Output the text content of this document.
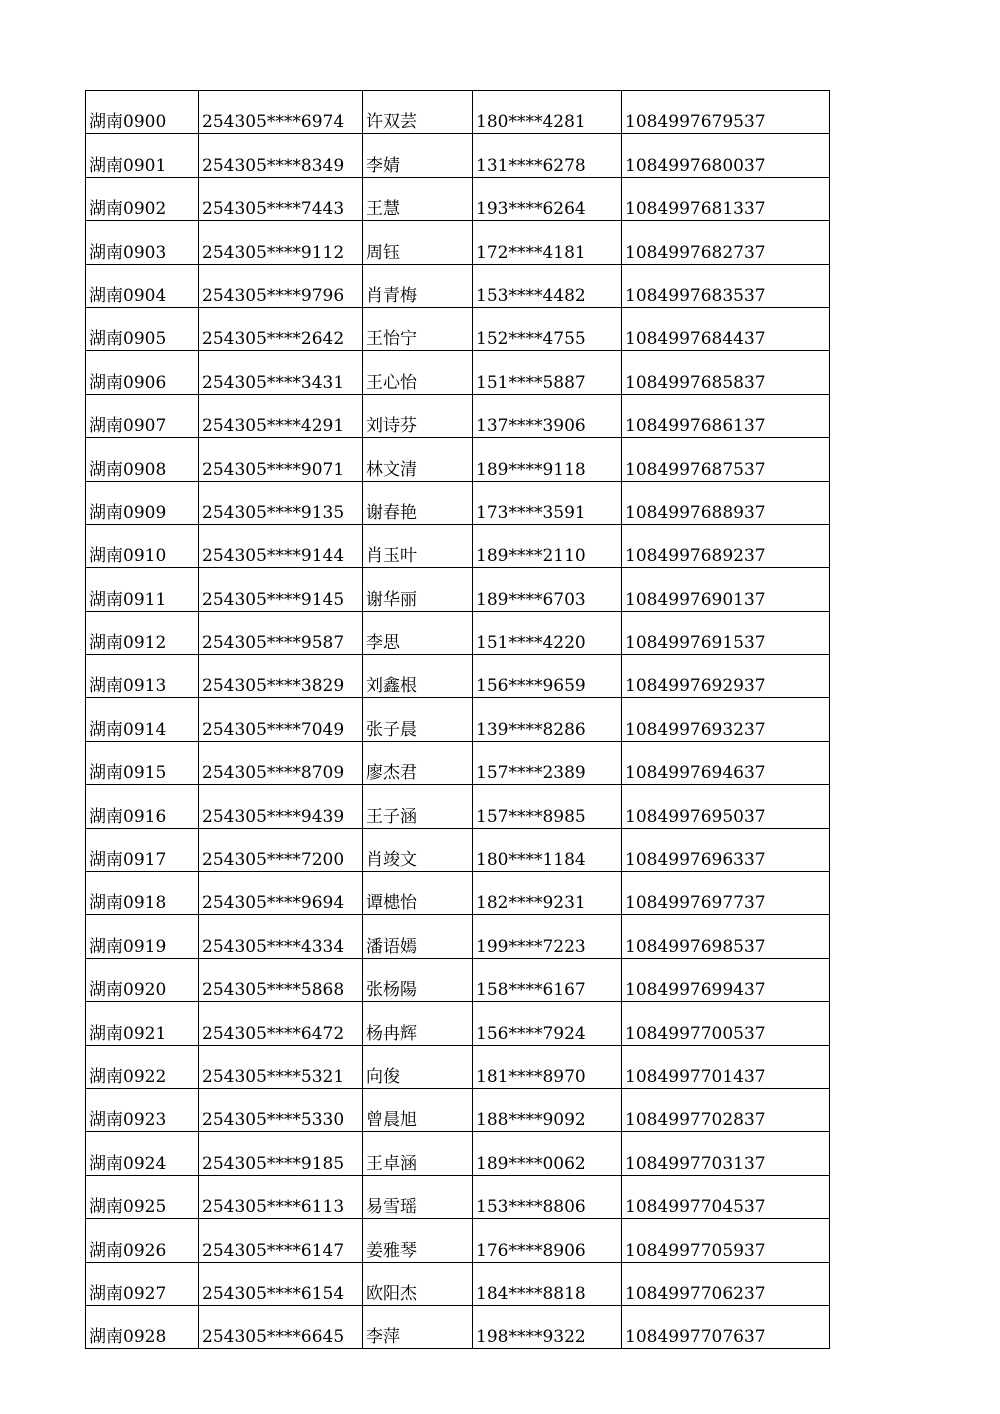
湖南0900	254305****6974	许双芸	180****4281	1084997679537
湖南0901	254305****8349	李婧	131****6278	1084997680037
湖南0902	254305****7443	王慧	193****6264	1084997681337
湖南0903	254305****9112	周钰	172****4181	1084997682737
湖南0904	254305****9796	肖青梅	153****4482	1084997683537
湖南0905	254305****2642	王怡宁	152****4755	1084997684437
湖南0906	254305****3431	王心怡	151****5887	1084997685837
湖南0907	254305****4291	刘诗芬	137****3906	1084997686137
湖南0908	254305****9071	林文清	189****9118	1084997687537
湖南0909	254305****9135	谢春艳	173****3591	1084997688937
湖南0910	254305****9144	肖玉叶	189****2110	1084997689237
湖南0911	254305****9145	谢华丽	189****6703	1084997690137
湖南0912	254305****9587	李思	151****4220	1084997691537
湖南0913	254305****3829	刘鑫根	156****9659	1084997692937
湖南0914	254305****7049	张子晨	139****8286	1084997693237
湖南0915	254305****8709	廖杰君	157****2389	1084997694637
湖南0916	254305****9439	王子涵	157****8985	1084997695037
湖南0917	254305****7200	肖竣文	180****1184	1084997696337
湖南0918	254305****9694	谭槵怡	182****9231	1084997697737
湖南0919	254305****4334	潘语嫣	199****7223	1084997698537
湖南0920	254305****5868	张杨陽	158****6167	1084997699437
湖南0921	254305****6472	杨冉辉	156****7924	1084997700537
湖南0922	254305****5321	向俊	181****8970	1084997701437
湖南0923	254305****5330	曾晨旭	188****9092	1084997702837
湖南0924	254305****9185	王卓涵	189****0062	1084997703137
湖南0925	254305****6113	易雪瑶	153****8806	1084997704537
湖南0926	254305****6147	姜雅琴	176****8906	1084997705937
湖南0927	254305****6154	欧阳杰	184****8818	1084997706237
湖南0928	254305****6645	李萍	198****9322	1084997707637
